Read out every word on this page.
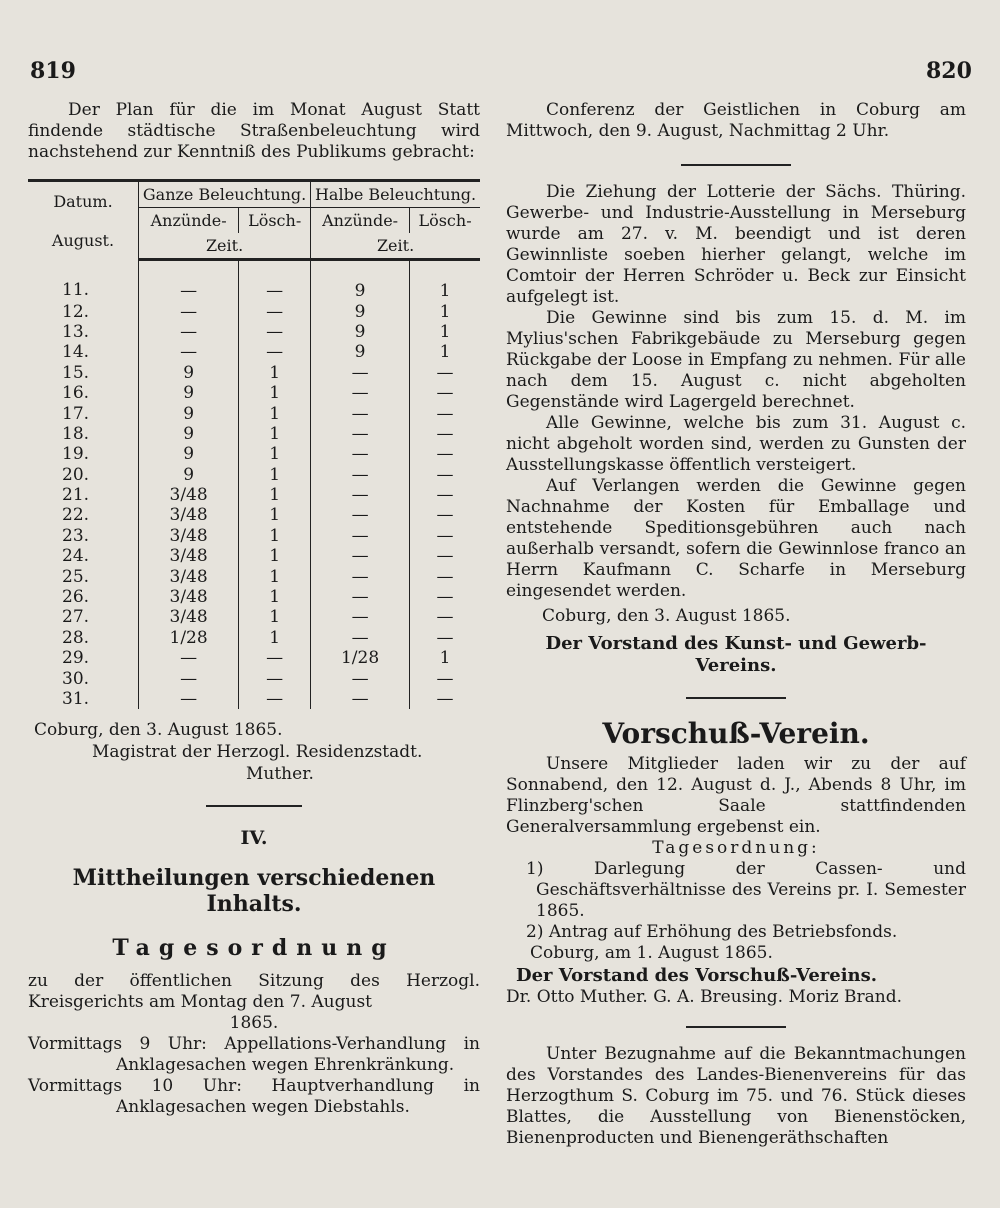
819	820

Der Plan für die im Monat August Statt findende städtische Straßenbeleuchtung wird nachstehend zur Kenntniß des Publikums gebracht:

Datum.
August.	Ganze Beleuchtung.		Halbe Beleuchtung.	
	Anzünde-	Lösch-	Anzünde-	Lösch-
	Zeit.		Zeit.	
11.	—	—	9	1
12.	—	—	9	1
13.	—	—	9	1
14.	—	—	9	1
15.	9	1	—	—
16.	9	1	—	—
17.	9	1	—	—
18.	9	1	—	—
19.	9	1	—	—
20.	9	1	—	—
21.	3/48	1	—	—
22.	3/48	1	—	—
23.	3/48	1	—	—
24.	3/48	1	—	—
25.	3/48	1	—	—
26.	3/48	1	—	—
27.	3/48	1	—	—
28.	1/28	1	—	—
29.	—	—	1/28	1
30.	—	—	—	—
31.	—	—	—	—

Coburg, den 3. August 1865.

Magistrat der Herzogl. Residenzstadt.

Muther.

IV.

Mittheilungen verschiedenen Inhalts.

Tagesordnung

zu der öffentlichen Sitzung des Herzogl. Kreisgerichts am Montag den 7. August

1865.

Vormittags 9 Uhr: Appellations-Verhandlung in Anklagesachen wegen Ehrenkränkung.

Vormittags 10 Uhr: Hauptverhandlung in Anklagesachen wegen Diebstahls.

Conferenz der Geistlichen in Coburg am Mittwoch, den 9. August, Nachmittag 2 Uhr.

Die Ziehung der Lotterie der Sächs. Thüring. Gewerbe- und Industrie-Ausstellung in Merseburg wurde am 27. v. M. beendigt und ist deren Gewinnliste soeben hierher gelangt, welche im Comtoir der Herren Schröder u. Beck zur Einsicht aufgelegt ist.

Die Gewinne sind bis zum 15. d. M. im Mylius'schen Fabrikgebäude zu Merseburg gegen Rückgabe der Loose in Empfang zu nehmen. Für alle nach dem 15. August c. nicht abgeholten Gegenstände wird Lagergeld berechnet.

Alle Gewinne, welche bis zum 31. August c. nicht abgeholt worden sind, werden zu Gunsten der Ausstellungskasse öffentlich versteigert.

Auf Verlangen werden die Gewinne gegen Nachnahme der Kosten für Emballage und entstehende Speditionsgebühren auch nach außerhalb versandt, sofern die Gewinnlose franco an Herrn Kaufmann C. Scharfe in Merseburg eingesendet werden.

Coburg, den 3. August 1865.

Der Vorstand des Kunst- und Gewerb-Vereins.

Vorschuß-Verein.

Unsere Mitglieder laden wir zu der auf Sonnabend, den 12. August d. J., Abends 8 Uhr, im Flinzberg'schen Saale stattfindenden Generalversammlung ergebenst ein.

Tagesordnung:

1) Darlegung der Cassen- und Geschäftsverhältnisse des Vereins pr. I. Semester 1865.

2) Antrag auf Erhöhung des Betriebsfonds.

Coburg, am 1. August 1865.

Der Vorstand des Vorschuß-Vereins.

Dr. Otto Muther. G. A. Breusing. Moriz Brand.

Unter Bezugnahme auf die Bekanntmachungen des Vorstandes des Landes-Bienenvereins für das Herzogthum S. Coburg im 75. und 76. Stück dieses Blattes, die Ausstellung von Bienenstöcken, Bienenproducten und Bienengeräthschaften
